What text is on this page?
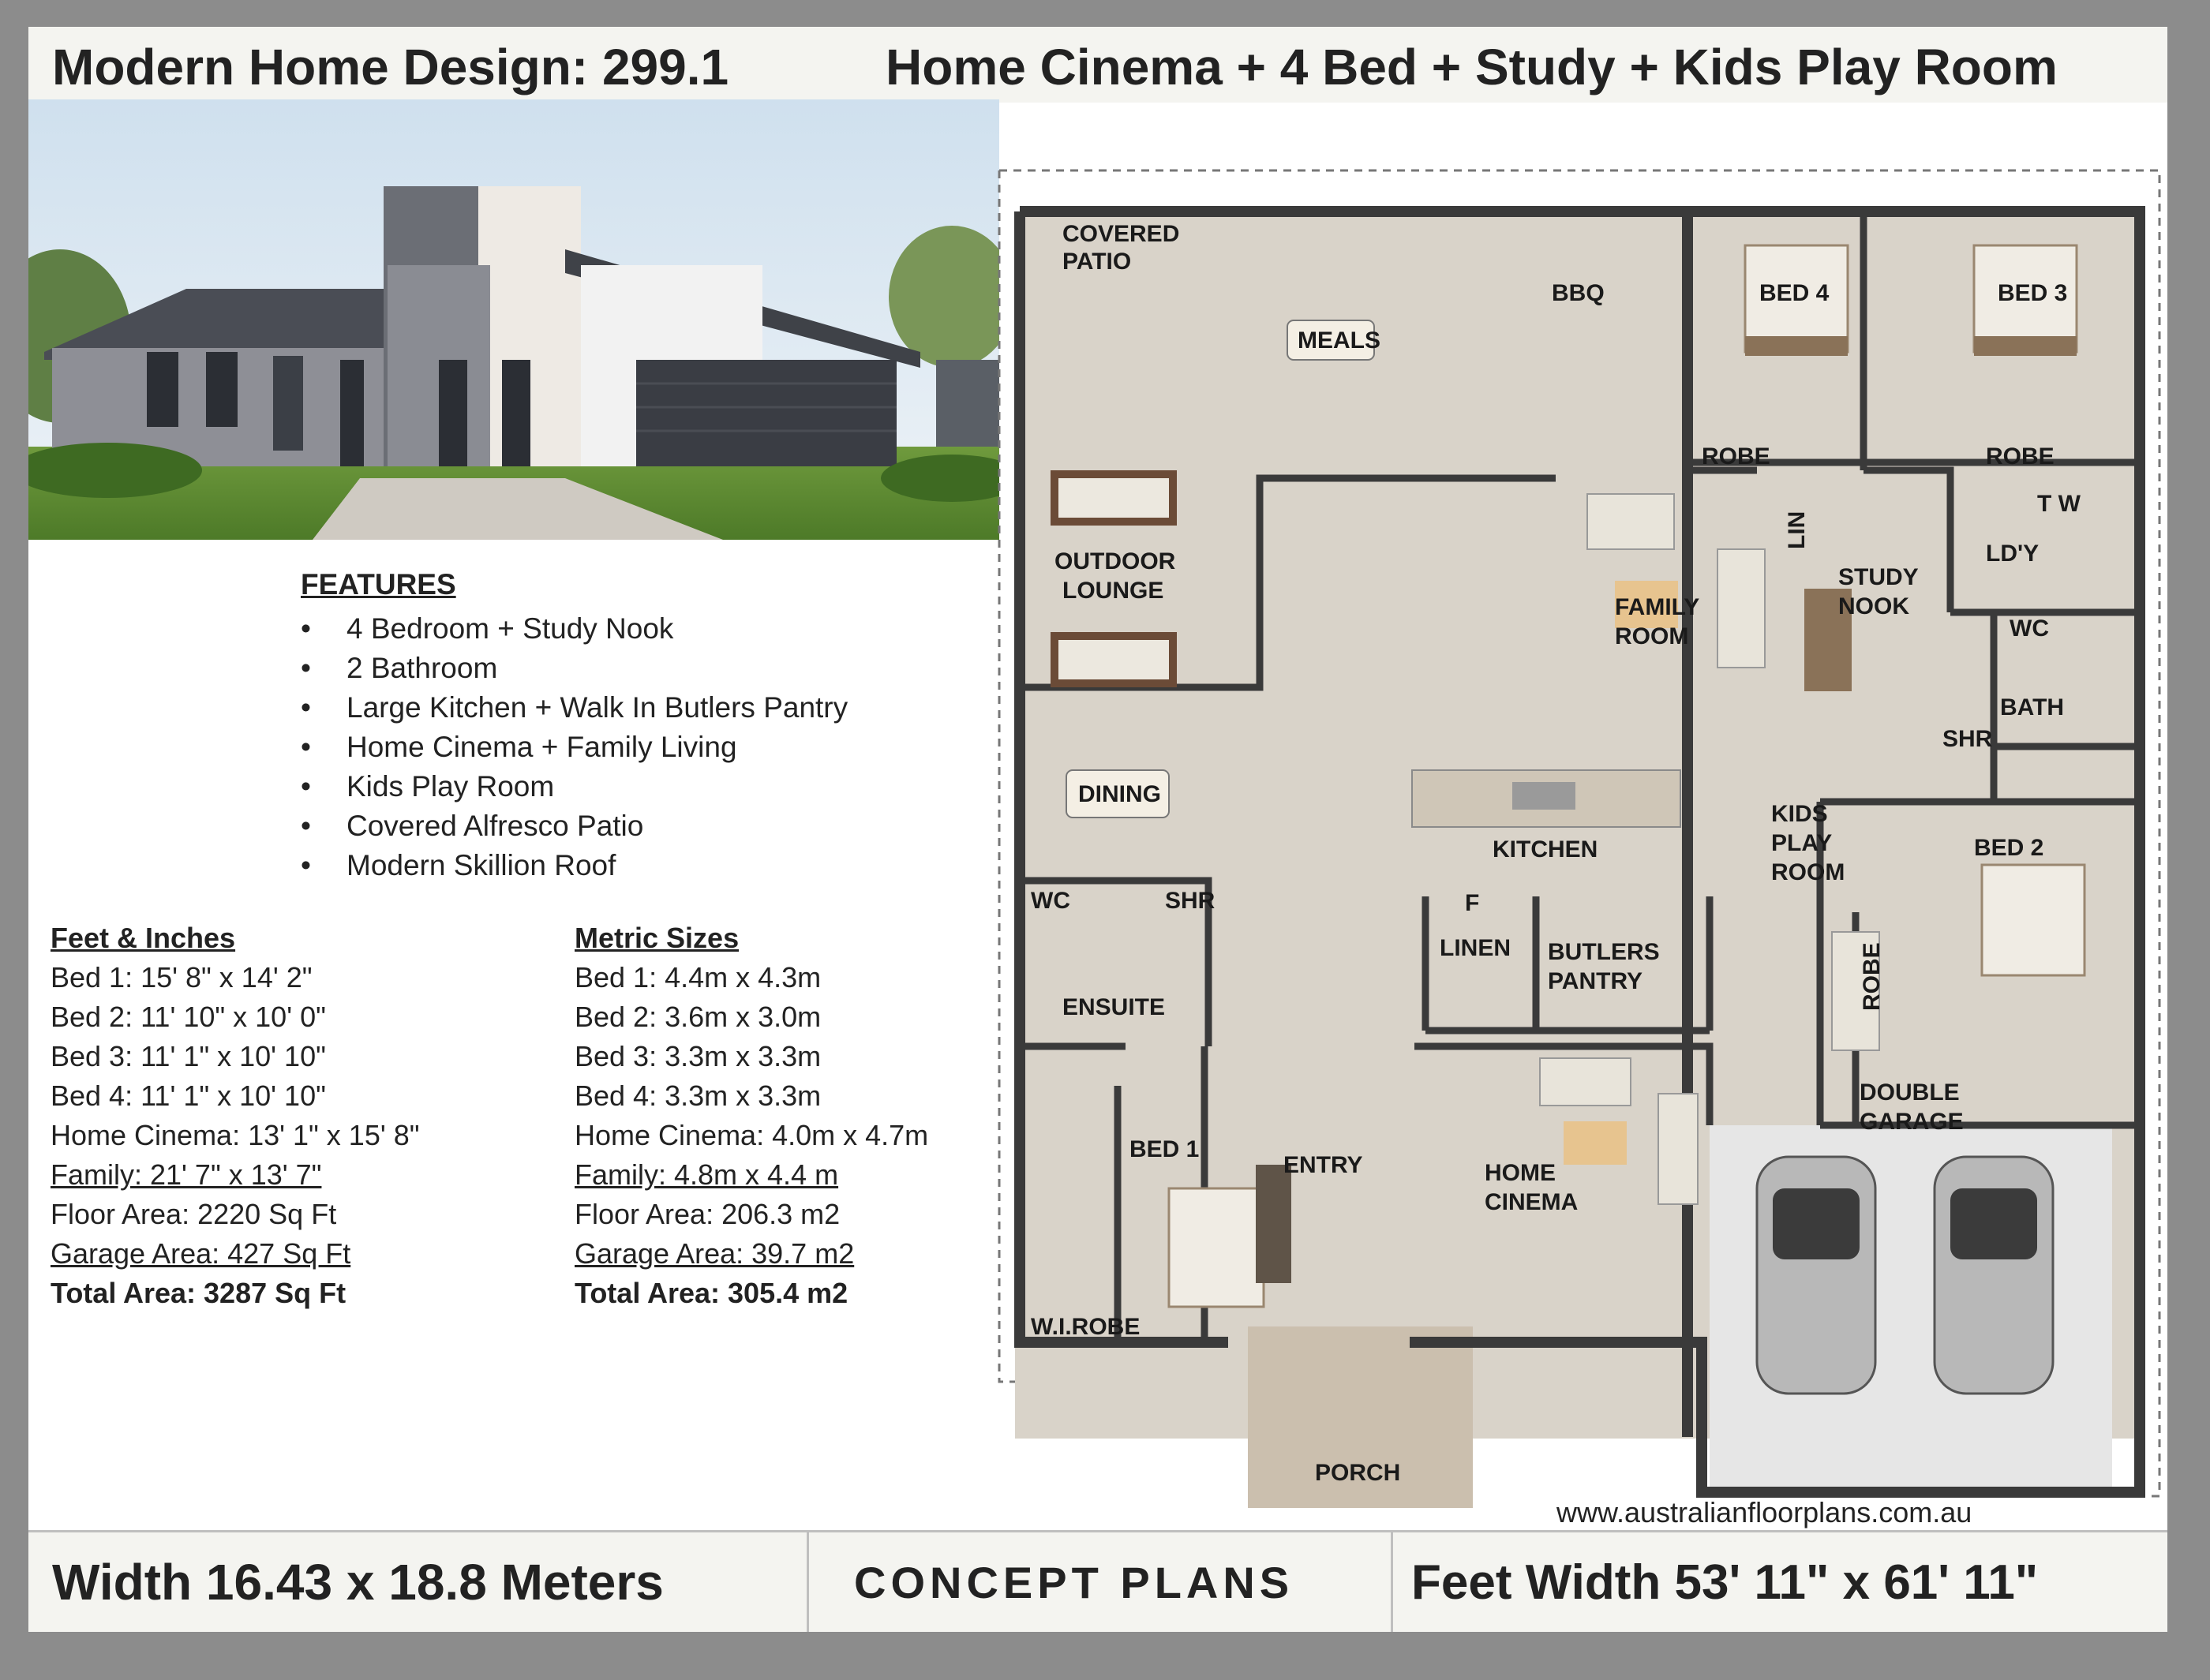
Modern Home Design: 299.1	Home Cinema + 4 Bed + Study + Kids Play Room
FEATURES
• 4 Bedroom + Study Nook
• 2 Bathroom
• Large Kitchen + Walk In Butlers Pantry
• Home Cinema + Family Living
• Kids Play Room
• Covered Alfresco Patio
• Modern Skillion Roof
Feet & Inches
Bed 1: 15' 8" x 14' 2"
Bed 2: 11' 10" x 10' 0"
Bed 3: 11' 1" x 10' 10"
Bed 4: 11' 1" x 10' 10"
Home Cinema: 13' 1" x 15' 8"
Family: 21' 7" x 13' 7"
Floor Area: 2220 Sq Ft
Garage Area: 427 Sq Ft
Total Area: 3287 Sq Ft
Metric Sizes
Bed 1: 4.4m x 4.3m
Bed 2: 3.6m x 3.0m
Bed 3: 3.3m x 3.3m
Bed 4: 3.3m x 3.3m
Home Cinema: 4.0m x 4.7m
Family: 4.8m x 4.4 m
Floor Area: 206.3 m2
Garage Area: 39.7 m2
Total Area: 305.4 m2
COVERED
PATIO
BBQ
MEALS
BED 4	BED 3
ROBE	ROBE
LIN
T W
LD'Y
OUTDOOR
LOUNGE
FAMILY
ROOM
STUDY
NOOK
WC
BATH
SHR
DINING
KITCHEN
KIDS
PLAY
ROOM
BED 2
F
LINEN BUTLERS
PANTRY	ROBE
WC	SHR
ENSUITE
DOUBLE
GARAGE
BED 1
ENTRY	HOME
CINEMA
W.I.ROBE
PORCH
www.australianfloorplans.com.au
Width 16.43 x 18.8 Meters	CONCEPT PLANS Feet Width 53' 11" x 61' 11"
